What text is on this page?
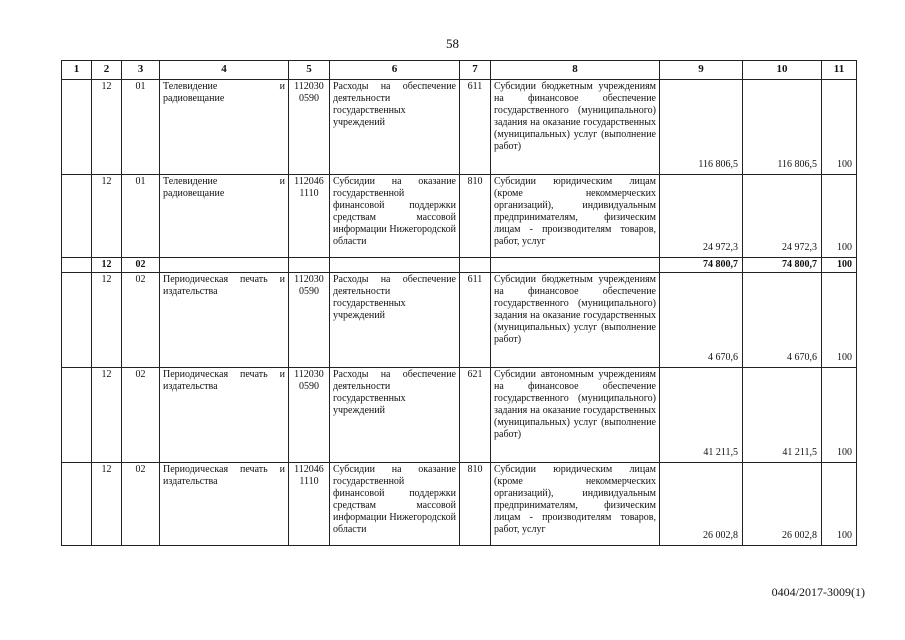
58
1	2	3	4	5	6	7	8	9	10	11
	12	01	Телевидение и радиовещание	112030 0590	Расходы на обеспечение деятельности государственных учреждений	611	Субсидии бюджетным учреждениям на финансовое обеспечение государственного (муниципального) задания на оказание государственных (муниципальных) услуг (выполнение работ)	116 806,5	116 806,5	100
	12	01	Телевидение и радиовещание	112046 1110	Субсидии на оказание государственной финансовой поддержки средствам массовой информации Нижегородской области	810	Субсидии юридическим лицам (кроме некоммерческих организаций), индивидуальным предпринимателям, физическим лицам - производителям товаров, работ, услуг	24 972,3	24 972,3	100
	12	02						74 800,7	74 800,7	100
	12	02	Периодическая печать и издательства	112030 0590	Расходы на обеспечение деятельности государственных учреждений	611	Субсидии бюджетным учреждениям на финансовое обеспечение государственного (муниципального) задания на оказание государственных (муниципальных) услуг (выполнение работ)	4 670,6	4 670,6	100
	12	02	Периодическая печать и издательства	112030 0590	Расходы на обеспечение деятельности государственных учреждений	621	Субсидии автономным учреждениям на финансовое обеспечение государственного (муниципального) задания на оказание государственных (муниципальных) услуг (выполнение работ)	41 211,5	41 211,5	100
	12	02	Периодическая печать и издательства	112046 1110	Субсидии на оказание государственной финансовой поддержки средствам массовой информации Нижегородской области	810	Субсидии юридическим лицам (кроме некоммерческих организаций), индивидуальным предпринимателям, физическим лицам - производителям товаров, работ, услуг	26 002,8	26 002,8	100
0404/2017-3009(1)
